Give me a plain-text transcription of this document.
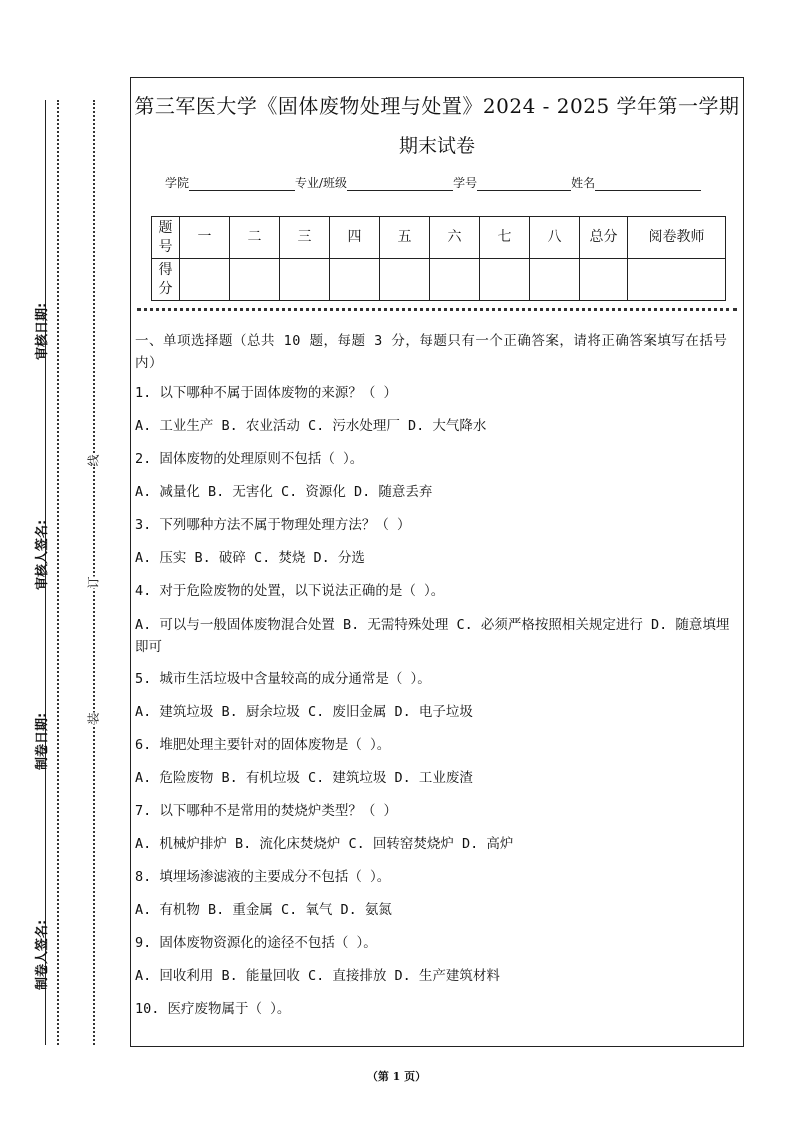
审核日期:
审核人签名:
制卷日期:
制卷人签名:
线
订
装
第三军医大学《固体废物处理与处置》2024 - 2025 学年第一学期
期末试卷
学院	专业/班级	学号	姓名
题号	一	二	三	四	五	六	七	八	总分	阅卷教师
得分										
一、单项选择题（总共 10 题，每题 3 分，每题只有一个正确答案，请将正确答案填写在括号内）
1. 以下哪种不属于固体废物的来源？（ ）
A. 工业生产 B. 农业活动 C. 污水处理厂 D. 大气降水
2. 固体废物的处理原则不包括（ ）。
A. 减量化 B. 无害化 C. 资源化 D. 随意丢弃
3. 下列哪种方法不属于物理处理方法？（ ）
A. 压实 B. 破碎 C. 焚烧 D. 分选
4. 对于危险废物的处置，以下说法正确的是（ ）。
A. 可以与一般固体废物混合处置 B. 无需特殊处理 C. 必须严格按照相关规定进行 D. 随意填埋即可
5. 城市生活垃圾中含量较高的成分通常是（ ）。
A. 建筑垃圾 B. 厨余垃圾 C. 废旧金属 D. 电子垃圾
6. 堆肥处理主要针对的固体废物是（ ）。
A. 危险废物 B. 有机垃圾 C. 建筑垃圾 D. 工业废渣
7. 以下哪种不是常用的焚烧炉类型？（ ）
A. 机械炉排炉 B. 流化床焚烧炉 C. 回转窑焚烧炉 D. 高炉
8. 填埋场渗滤液的主要成分不包括（ ）。
A. 有机物 B. 重金属 C. 氧气 D. 氨氮
9. 固体废物资源化的途径不包括（ ）。
A. 回收利用 B. 能量回收 C. 直接排放 D. 生产建筑材料
10. 医疗废物属于（ ）。
（第 1 页）
